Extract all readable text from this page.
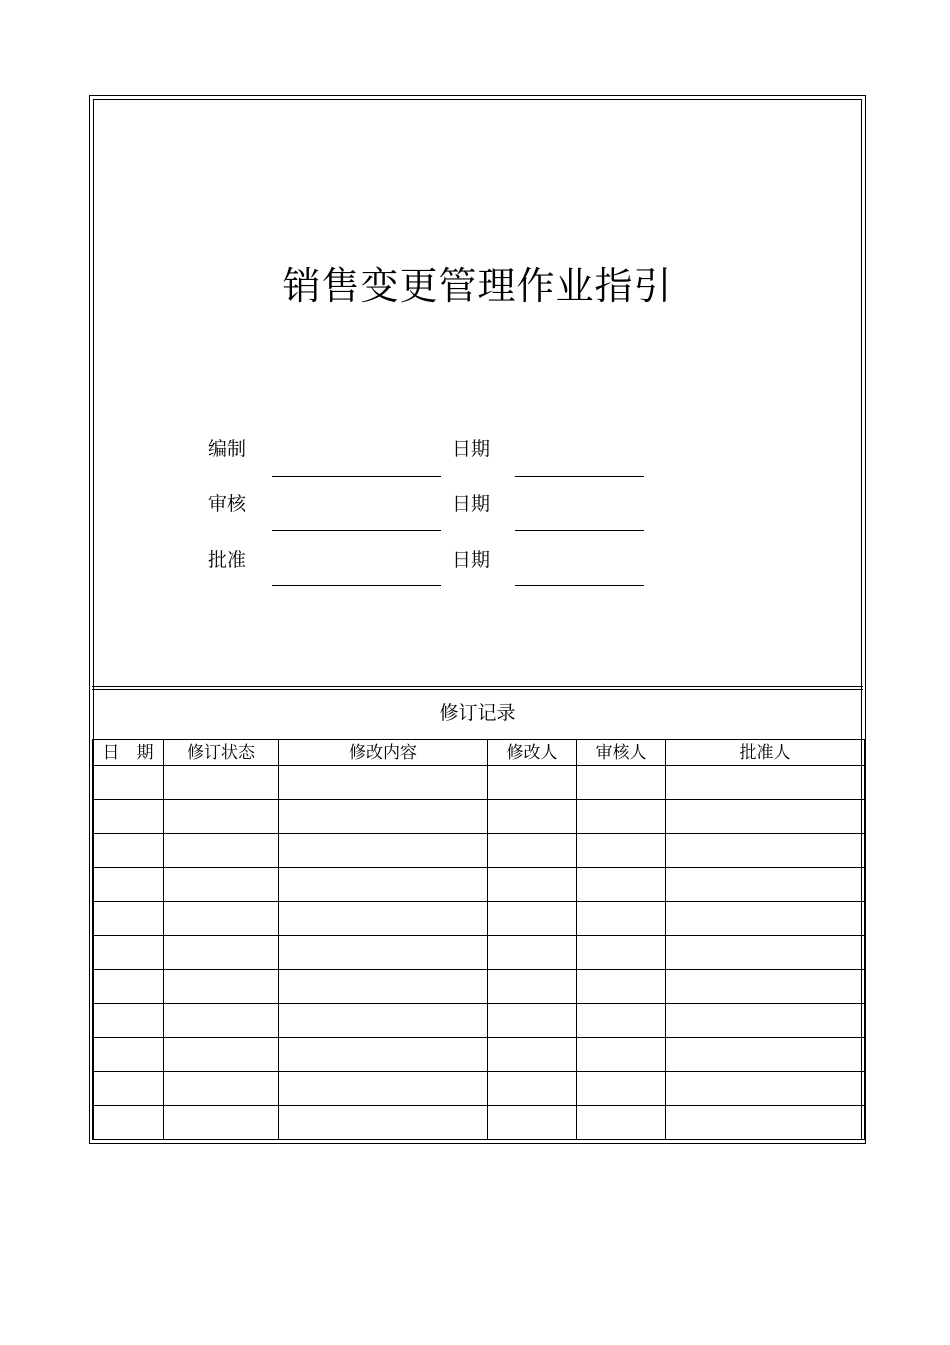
销售变更管理作业指引
编制	日期
审核	日期
批准	日期
修订记录
日　期	修订状态	修改内容	修改人	审核人	批准人
